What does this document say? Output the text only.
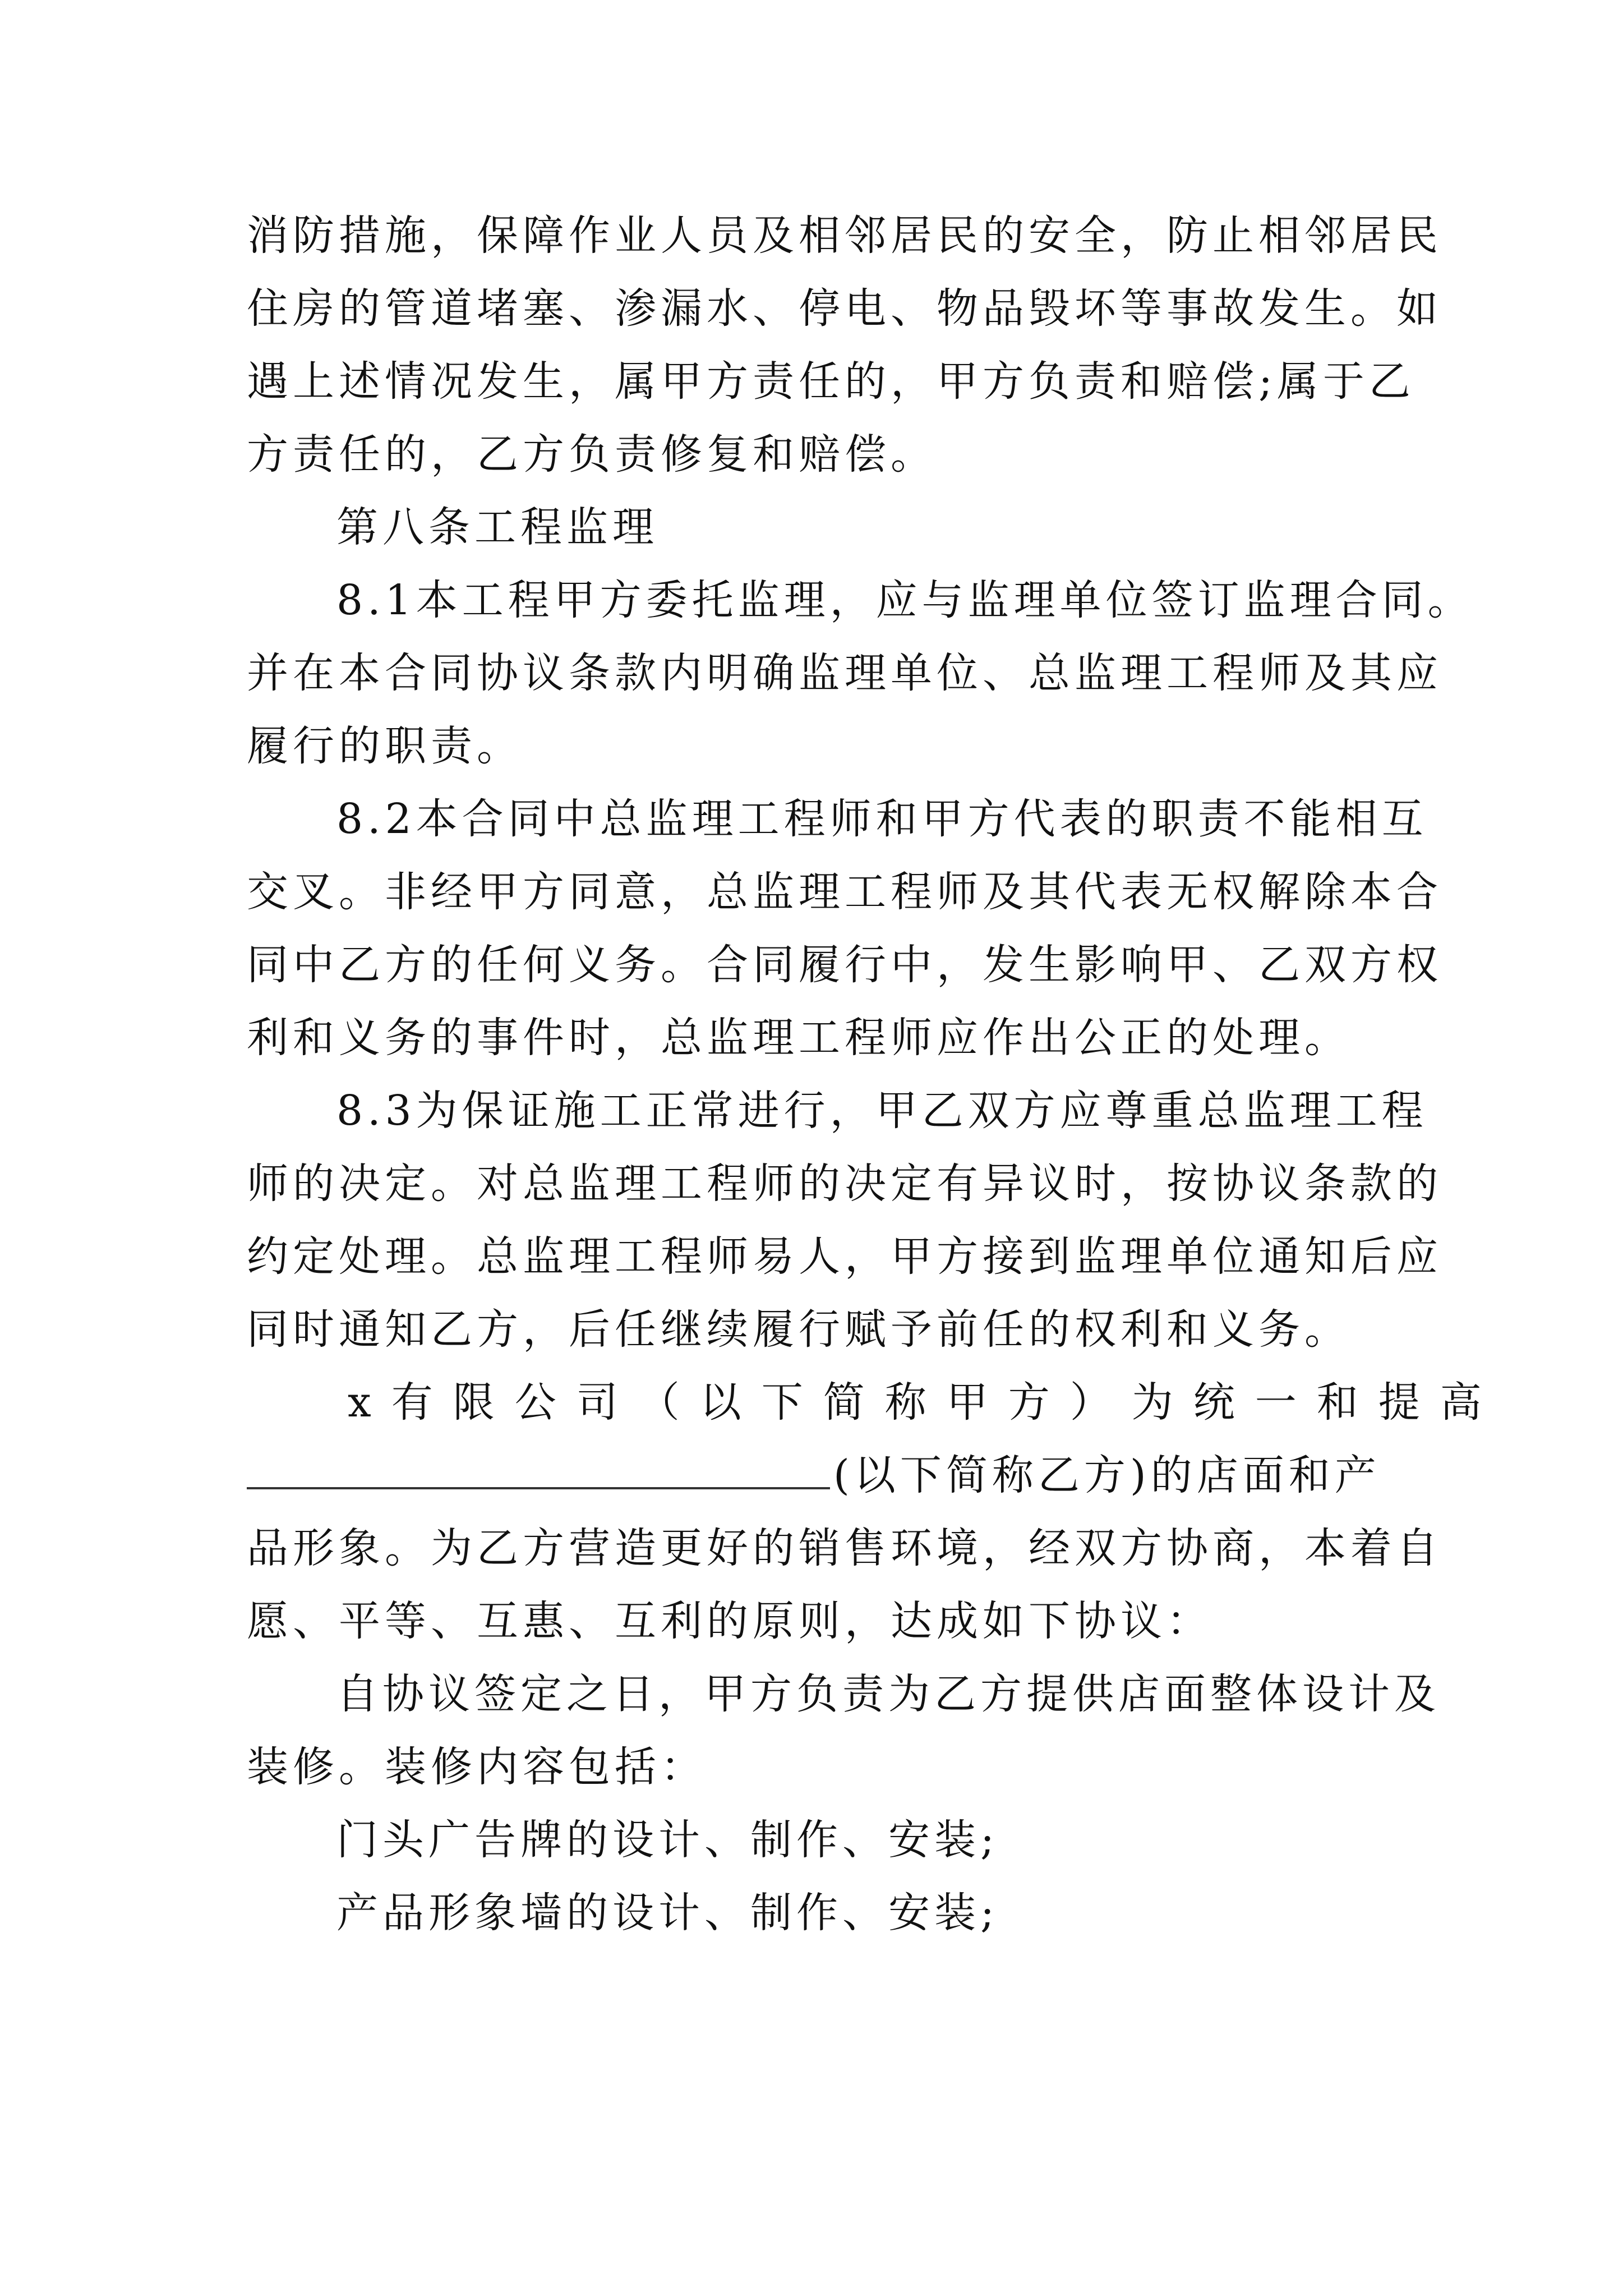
消防措施，保障作业人员及相邻居民的安全，防止相邻居民
住房的管道堵塞、渗漏水、停电、物品毁坏等事故发生。如
遇上述情况发生，属甲方责任的，甲方负责和赔偿;属于乙
方责任的，乙方负责修复和赔偿。
第八条工程监理
8.1本工程甲方委托监理，应与监理单位签订监理合同。
并在本合同协议条款内明确监理单位、总监理工程师及其应
履行的职责。
8.2本合同中总监理工程师和甲方代表的职责不能相互
交叉。非经甲方同意，总监理工程师及其代表无权解除本合
同中乙方的任何义务。合同履行中，发生影响甲、乙双方权
利和义务的事件时，总监理工程师应作出公正的处理。
8.3为保证施工正常进行，甲乙双方应尊重总监理工程
师的决定。对总监理工程师的决定有异议时，按协议条款的
约定处理。总监理工程师易人，甲方接到监理单位通知后应
同时通知乙方，后任继续履行赋予前任的权利和义务。
x有限公司（以下简称甲方）为统一和提高
(以下简称乙方)的店面和产
品形象。为乙方营造更好的销售环境，经双方协商，本着自
愿、平等、互惠、互利的原则，达成如下协议：
自协议签定之日，甲方负责为乙方提供店面整体设计及
装修。装修内容包括：
门头广告牌的设计、制作、安装;
产品形象墙的设计、制作、安装;
